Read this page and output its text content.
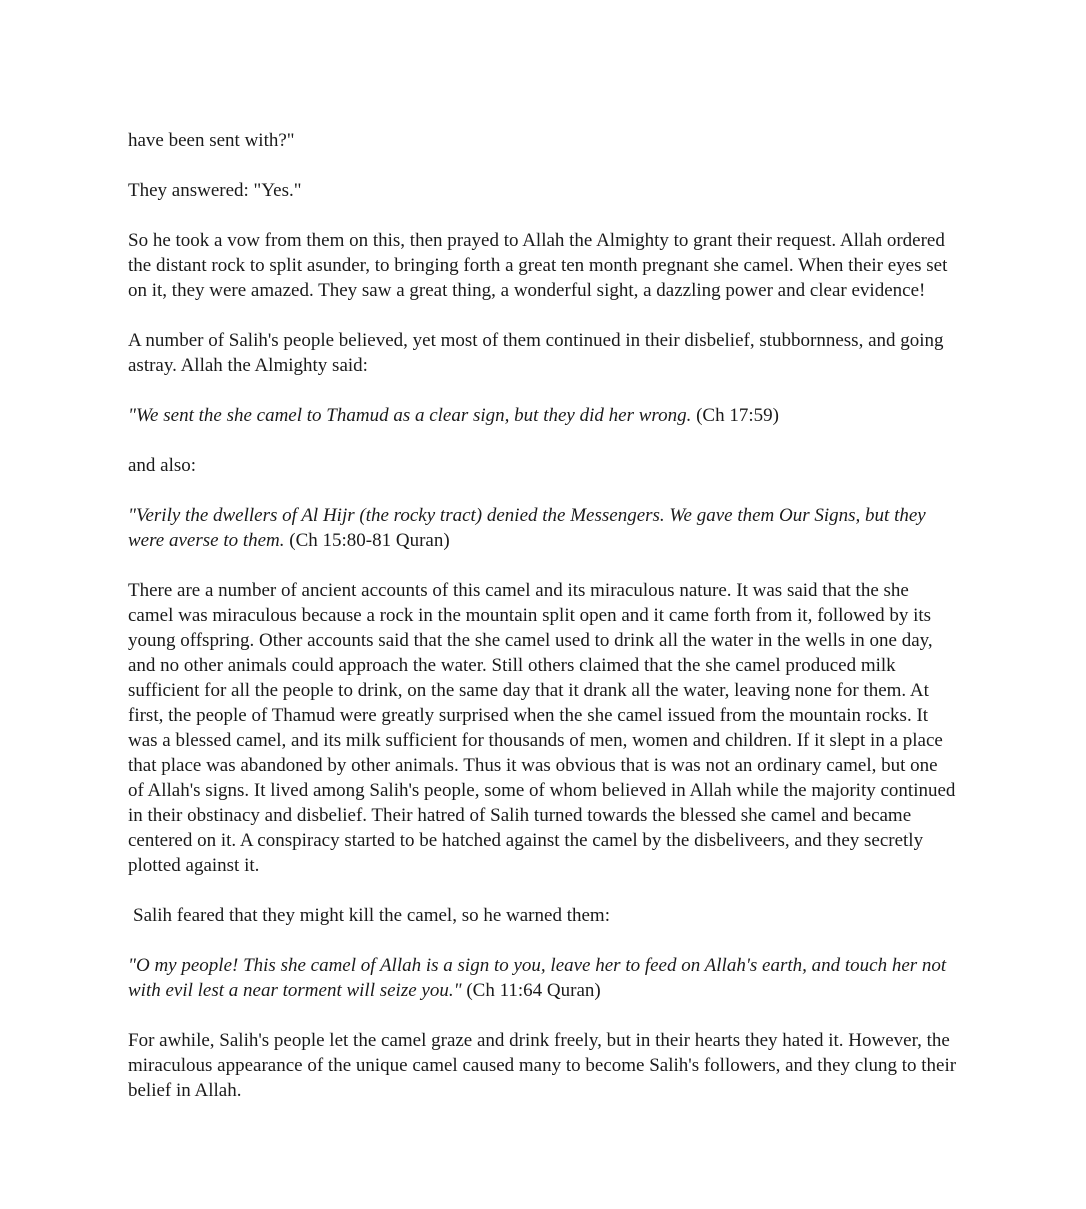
have been sent with?"

They answered: "Yes."

So he took a vow from them on this, then prayed to Allah the Almighty to grant their request. Allah ordered the distant rock to split asunder, to bringing forth a great ten month pregnant she camel. When their eyes set on it, they were amazed. They saw a great thing, a wonderful sight, a dazzling power and clear evidence!

A number of Salih's people believed, yet most of them continued in their disbelief, stubbornness, and going astray. Allah the Almighty said:

"We sent the she camel to Thamud as a clear sign, but they did her wrong. (Ch 17:59)

and also:

"Verily the dwellers of Al Hijr (the rocky tract) denied the Messengers. We gave them Our Signs, but they were averse to them. (Ch 15:80-81 Quran)

There are a number of ancient accounts of this camel and its miraculous nature. It was said that the she camel was miraculous because a rock in the mountain split open and it came forth from it, followed by its young offspring. Other accounts said that the she camel used to drink all the water in the wells in one day, and no other animals could approach the water. Still others claimed that the she camel produced milk sufficient for all the people to drink, on the same day that it drank all the water, leaving none for them. At first, the people of Thamud were greatly surprised when the she camel issued from the mountain rocks. It was a blessed camel, and its milk sufficient for thousands of men, women and children. If it slept in a place that place was abandoned by other animals. Thus it was obvious that is was not an ordinary camel, but one of Allah's signs. It lived among Salih's people, some of whom believed in Allah while the majority continued in their obstinacy and disbelief. Their hatred of Salih turned towards the blessed she camel and became centered on it. A conspiracy started to be hatched against the camel by the disbeliveers, and they secretly plotted against it.

Salih feared that they might kill the camel, so he warned them:

"O my people! This she camel of Allah is a sign to you, leave her to feed on Allah's earth, and touch her not with evil lest a near torment will seize you." (Ch 11:64 Quran)

For awhile, Salih's people let the camel graze and drink freely, but in their hearts they hated it. However, the miraculous appearance of the unique camel caused many to become Salih's followers, and they clung to their belief in Allah.
